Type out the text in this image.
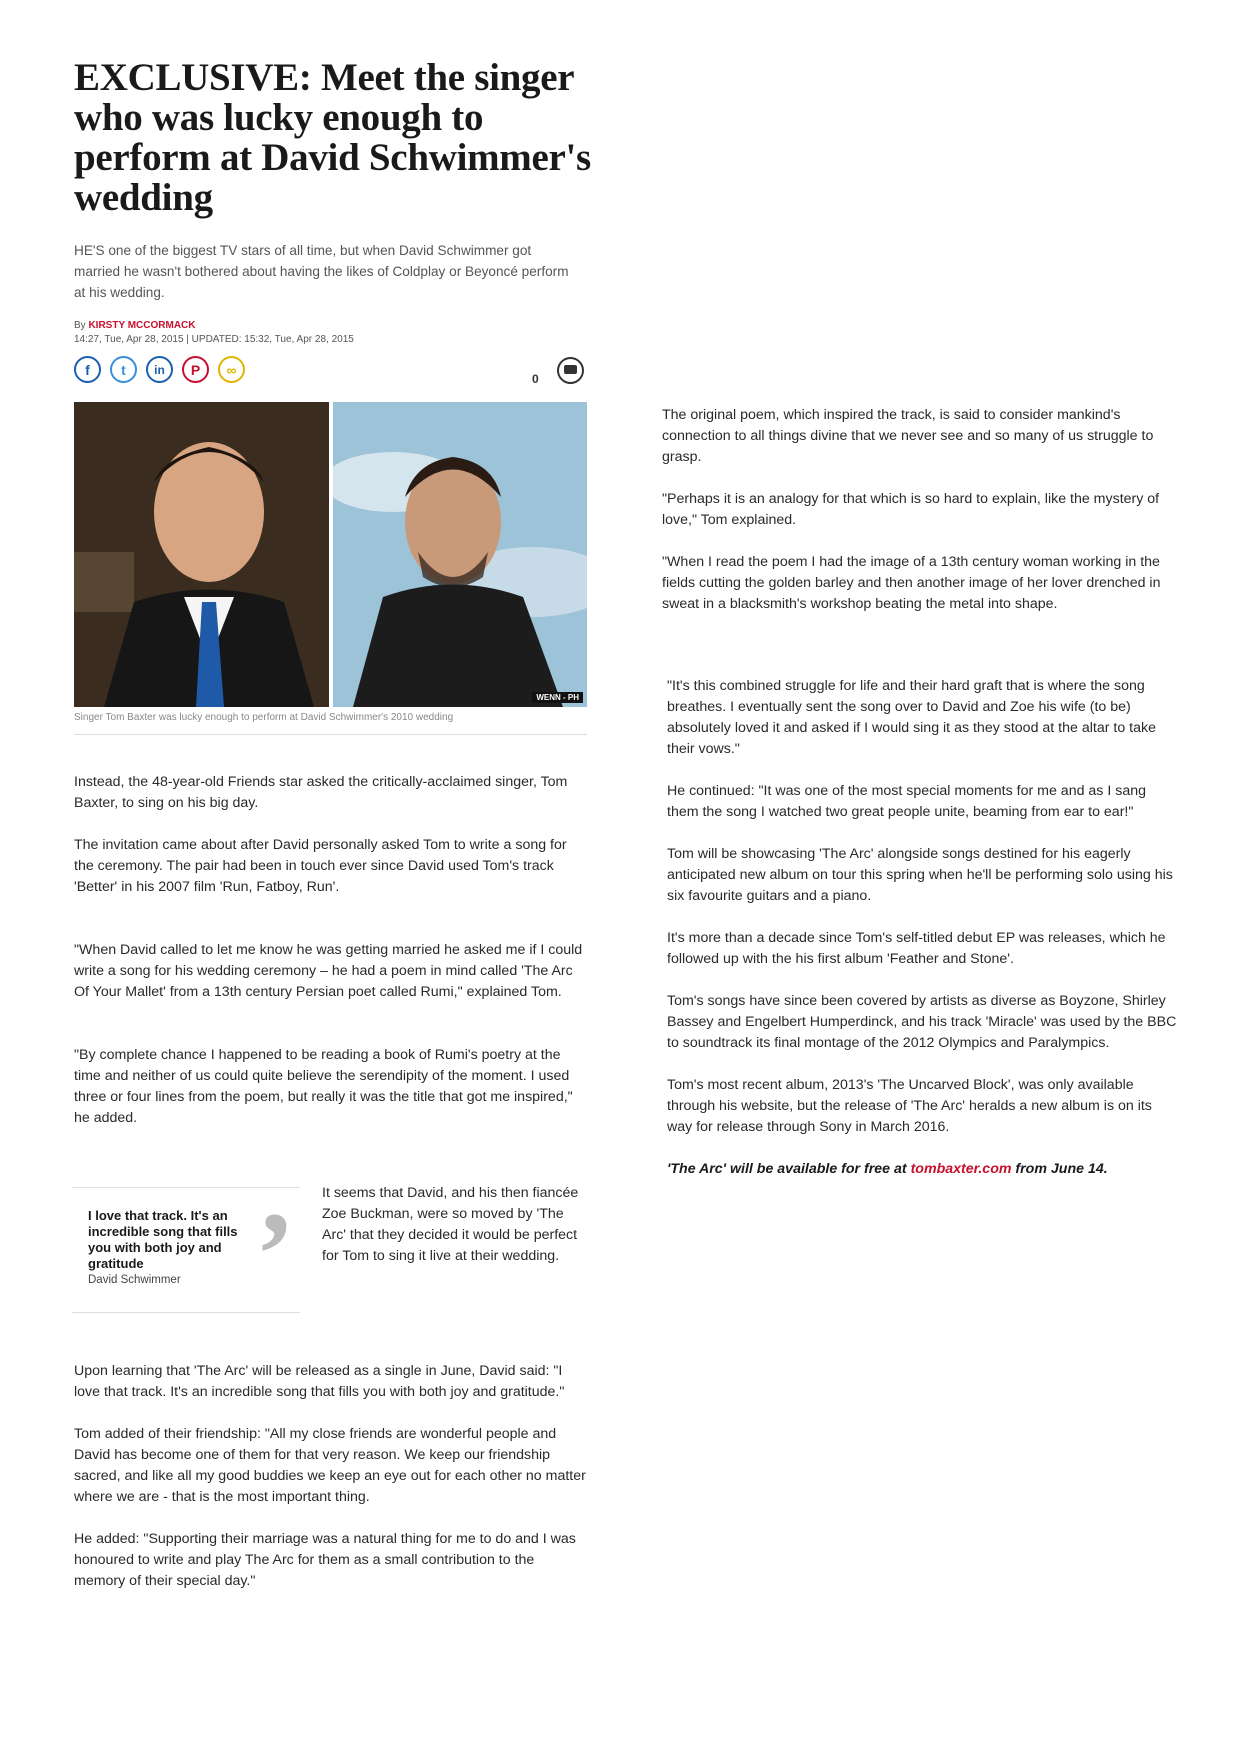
EXCLUSIVE: Meet the singer who was lucky enough to perform at David Schwimmer's wedding

HE'S one of the biggest TV stars of all time, but when David Schwimmer got married he wasn't bothered about having the likes of Coldplay or Beyoncé perform at his wedding.

By KIRSTY MCCORMACK
14:27, Tue, Apr 28, 2015 | UPDATED: 15:32, Tue, Apr 28, 2015
f	t	in	P	∞
0
WENN - PH
Singer Tom Baxter was lucky enough to perform at David Schwimmer's 2010 wedding

Instead, the 48-year-old Friends star asked the critically-acclaimed singer, Tom Baxter, to sing on his big day.

The invitation came about after David personally asked Tom to write a song for the ceremony. The pair had been in touch ever since David used Tom's track 'Better' in his 2007 film 'Run, Fatboy, Run'.

"When David called to let me know he was getting married he asked me if I could write a song for his wedding ceremony – he had a poem in mind called 'The Arc Of Your Mallet' from a 13th century Persian poet called Rumi," explained Tom.

"By complete chance I happened to be reading a book of Rumi's poetry at the time and neither of us could quite believe the serendipity of the moment. I used three or four lines from the poem, but really it was the title that got me inspired," he added.

I love that track. It's an incredible song that fills you with both joy and gratitude

David Schwimmer ’ It seems that David, and his then fiancée Zoe Buckman, were so moved by 'The Arc' that they decided it would be perfect for Tom to sing it live at their wedding.

Upon learning that 'The Arc' will be released as a single in June, David said: "I love that track. It's an incredible song that fills you with both joy and gratitude."

Tom added of their friendship: "All my close friends are wonderful people and David has become one of them for that very reason. We keep our friendship sacred, and like all my good buddies we keep an eye out for each other no matter where we are - that is the most important thing.

He added: "Supporting their marriage was a natural thing for me to do and I was honoured to write and play The Arc for them as a small contribution to the memory of their special day."

The original poem, which inspired the track, is said to consider mankind's connection to all things divine that we never see and so many of us struggle to grasp.

"Perhaps it is an analogy for that which is so hard to explain, like the mystery of love," Tom explained.

"When I read the poem I had the image of a 13th century woman working in the fields cutting the golden barley and then another image of her lover drenched in sweat in a blacksmith's workshop beating the metal into shape.

"It's this combined struggle for life and their hard graft that is where the song breathes. I eventually sent the song over to David and Zoe his wife (to be) absolutely loved it and asked if I would sing it as they stood at the altar to take their vows."

He continued: "It was one of the most special moments for me and as I sang them the song I watched two great people unite, beaming from ear to ear!"

Tom will be showcasing 'The Arc' alongside songs destined for his eagerly anticipated new album on tour this spring when he'll be performing solo using his six favourite guitars and a piano.

It's more than a decade since Tom's self-titled debut EP was releases, which he followed up with the his first album 'Feather and Stone'.

Tom's songs have since been covered by artists as diverse as Boyzone, Shirley Bassey and Engelbert Humperdinck, and his track 'Miracle' was used by the BBC to soundtrack its final montage of the 2012 Olympics and Paralympics.

Tom's most recent album, 2013's 'The Uncarved Block', was only available through his website, but the release of 'The Arc' heralds a new album is on its way for release through Sony in March 2016.

'The Arc' will be available for free at tombaxter.com from June 14.
